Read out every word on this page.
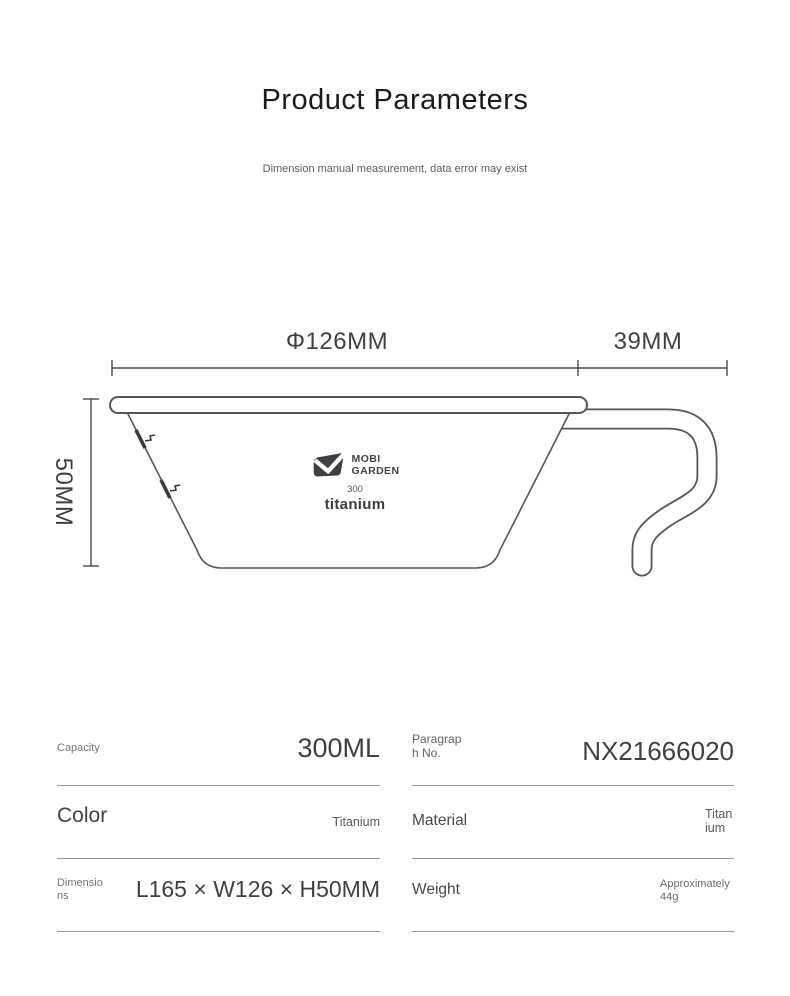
Product Parameters
Dimension manual measurement, data error may exist
Φ126MM	39MM
50MM	MOBI
GARDEN
300
titanium
Capacity	300ML
Color	Titanium
Dimensions	L165 × W126 × H50MM
Paragraph No.	NX21666020
Material	Titanium
Weight	Approximately 44g
